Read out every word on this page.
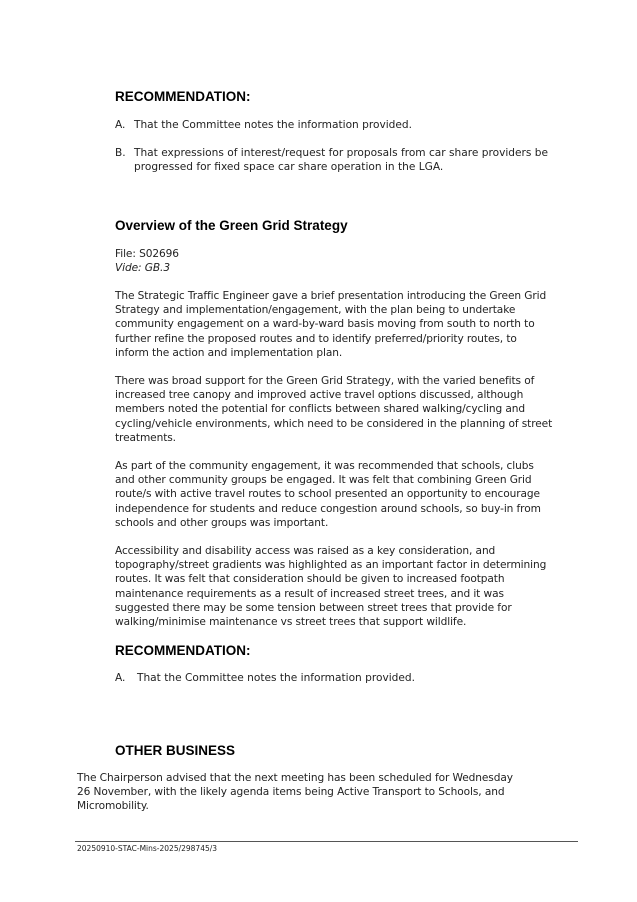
RECOMMENDATION:
A. That the Committee notes the information provided.
B. That expressions of interest/request for proposals from car share providers be
progressed for fixed space car share operation in the LGA.
Overview of the Green Grid Strategy

File: S02696

Vide: GB.3

The Strategic Traffic Engineer gave a brief presentation introducing the Green Grid
Strategy and implementation/engagement, with the plan being to undertake
community engagement on a ward-by-ward basis moving from south to north to
further refine the proposed routes and to identify preferred/priority routes, to
inform the action and implementation plan.

There was broad support for the Green Grid Strategy, with the varied benefits of
increased tree canopy and improved active travel options discussed, although
members noted the potential for conflicts between shared walking/cycling and
cycling/vehicle environments, which need to be considered in the planning of street
treatments.

As part of the community engagement, it was recommended that schools, clubs
and other community groups be engaged. It was felt that combining Green Grid
route/s with active travel routes to school presented an opportunity to encourage
independence for students and reduce congestion around schools, so buy-in from
schools and other groups was important.

Accessibility and disability access was raised as a key consideration, and
topography/street gradients was highlighted as an important factor in determining
routes. It was felt that consideration should be given to increased footpath
maintenance requirements as a result of increased street trees, and it was
suggested there may be some tension between street trees that provide for
walking/minimise maintenance vs street trees that support wildlife.

RECOMMENDATION:
A. That the Committee notes the information provided.
OTHER BUSINESS

The Chairperson advised that the next meeting has been scheduled for Wednesday
26 November, with the likely agenda items being Active Transport to Schools, and
Micromobility.

20250910-STAC-Mins-2025/298745/3
